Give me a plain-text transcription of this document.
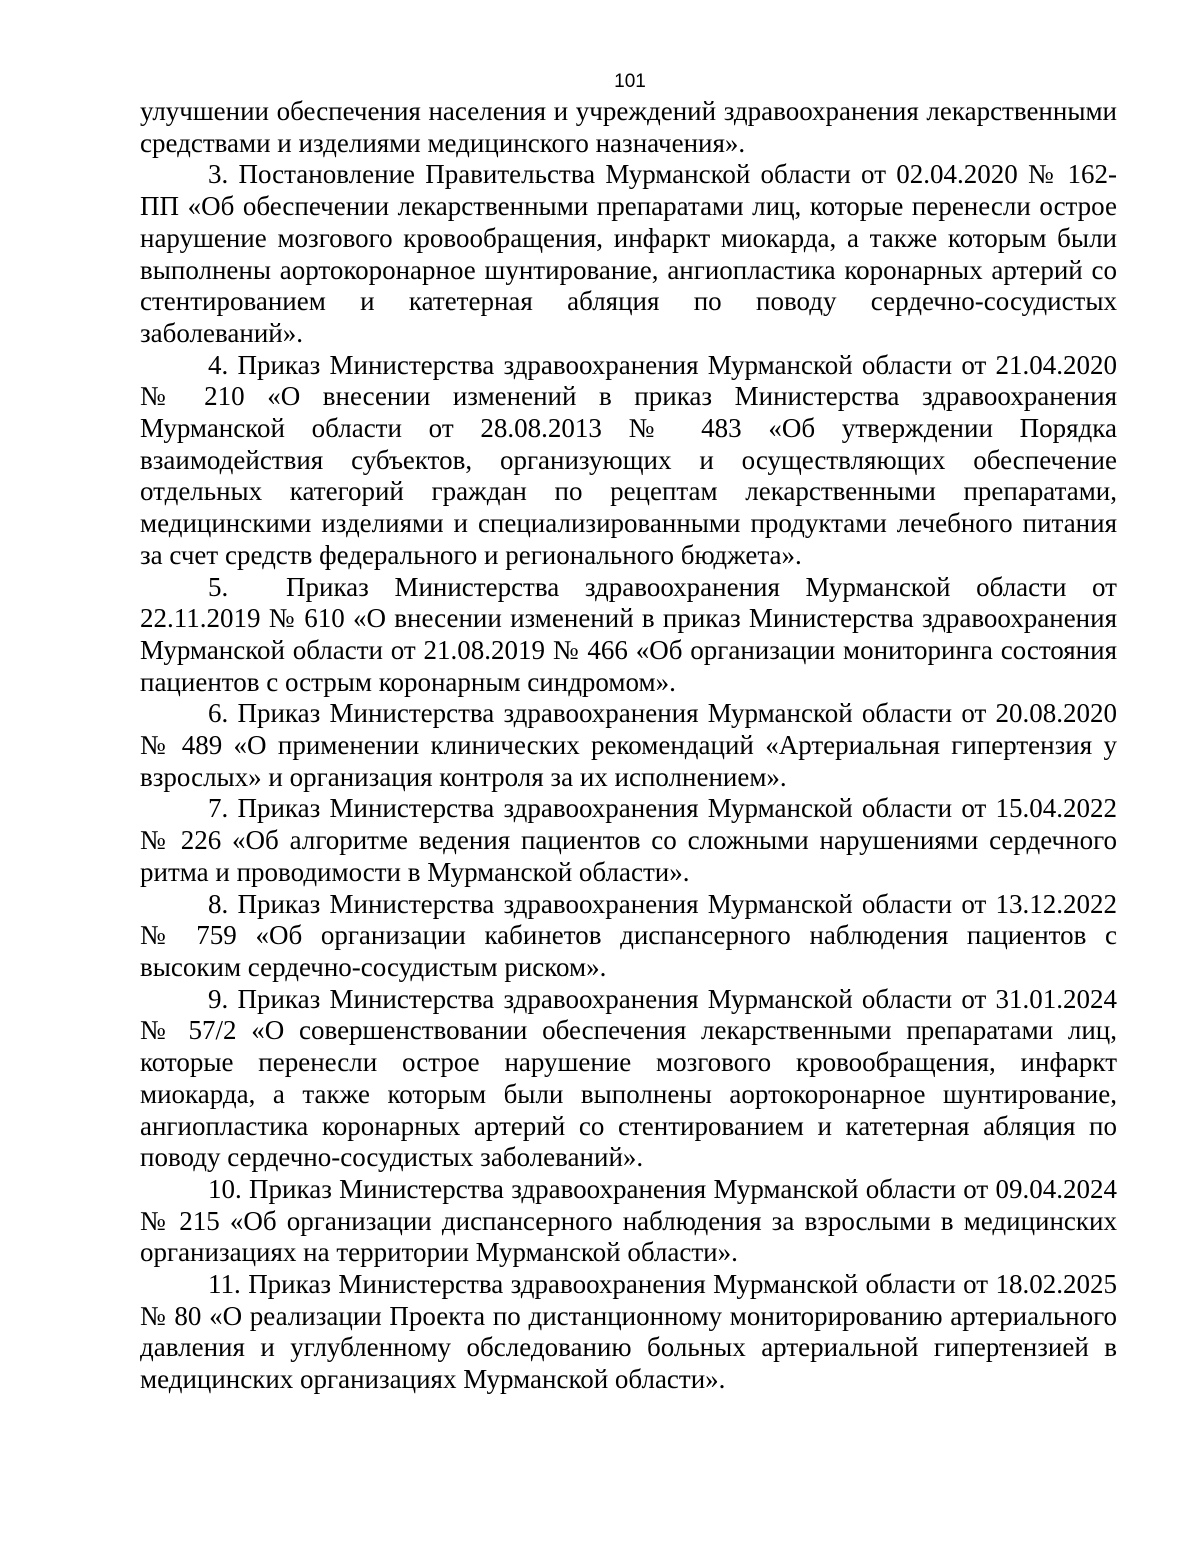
101

улучшении обеспечения населения и учреждений здравоохранения лекарственными средствами и изделиями медицинского назначения».

3. Постановление Правительства Мурманской области от 02.04.2020 № 162-ПП «Об обеспечении лекарственными препаратами лиц, которые перенесли острое нарушение мозгового кровообращения, инфаркт миокарда, а также которым были выполнены аортокоронарное шунтирование, ангиопластика коронарных артерий со стентированием и катетерная абляция по поводу сердечно-сосудистых заболеваний».

4. Приказ Министерства здравоохранения Мурманской области от 21.04.2020 № 210 «О внесении изменений в приказ Министерства здравоохранения Мурманской области от 28.08.2013 № 483 «Об утверждении Порядка взаимодействия субъектов, организующих и осуществляющих обеспечение отдельных категорий граждан по рецептам лекарственными препаратами, медицинскими изделиями и специализированными продуктами лечебного питания за счет средств федерального и регионального бюджета».

5. Приказ Министерства здравоохранения Мурманской области от 22.11.2019 № 610 «О внесении изменений в приказ Министерства здравоохранения Мурманской области от 21.08.2019 № 466 «Об организации мониторинга состояния пациентов с острым коронарным синдромом».

6. Приказ Министерства здравоохранения Мурманской области от 20.08.2020 № 489 «О применении клинических рекомендаций «Артериальная гипертензия у взрослых» и организация контроля за их исполнением».

7. Приказ Министерства здравоохранения Мурманской области от 15.04.2022 № 226 «Об алгоритме ведения пациентов со сложными нарушениями сердечного ритма и проводимости в Мурманской области».

8. Приказ Министерства здравоохранения Мурманской области от 13.12.2022 № 759 «Об организации кабинетов диспансерного наблюдения пациентов с высоким сердечно-сосудистым риском».

9. Приказ Министерства здравоохранения Мурманской области от 31.01.2024 № 57/2 «О совершенствовании обеспечения лекарственными препаратами лиц, которые перенесли острое нарушение мозгового кровообращения, инфаркт миокарда, а также которым были выполнены аортокоронарное шунтирование, ангиопластика коронарных артерий со стентированием и катетерная абляция по поводу сердечно-сосудистых заболеваний».

10. Приказ Министерства здравоохранения Мурманской области от 09.04.2024 № 215 «Об организации диспансерного наблюдения за взрослыми в медицинских организациях на территории Мурманской области».

11. Приказ Министерства здравоохранения Мурманской области от 18.02.2025 № 80 «О реализации Проекта по дистанционному мониторированию артериального давления и углубленному обследованию больных артериальной гипертензией в медицинских организациях Мурманской области».
